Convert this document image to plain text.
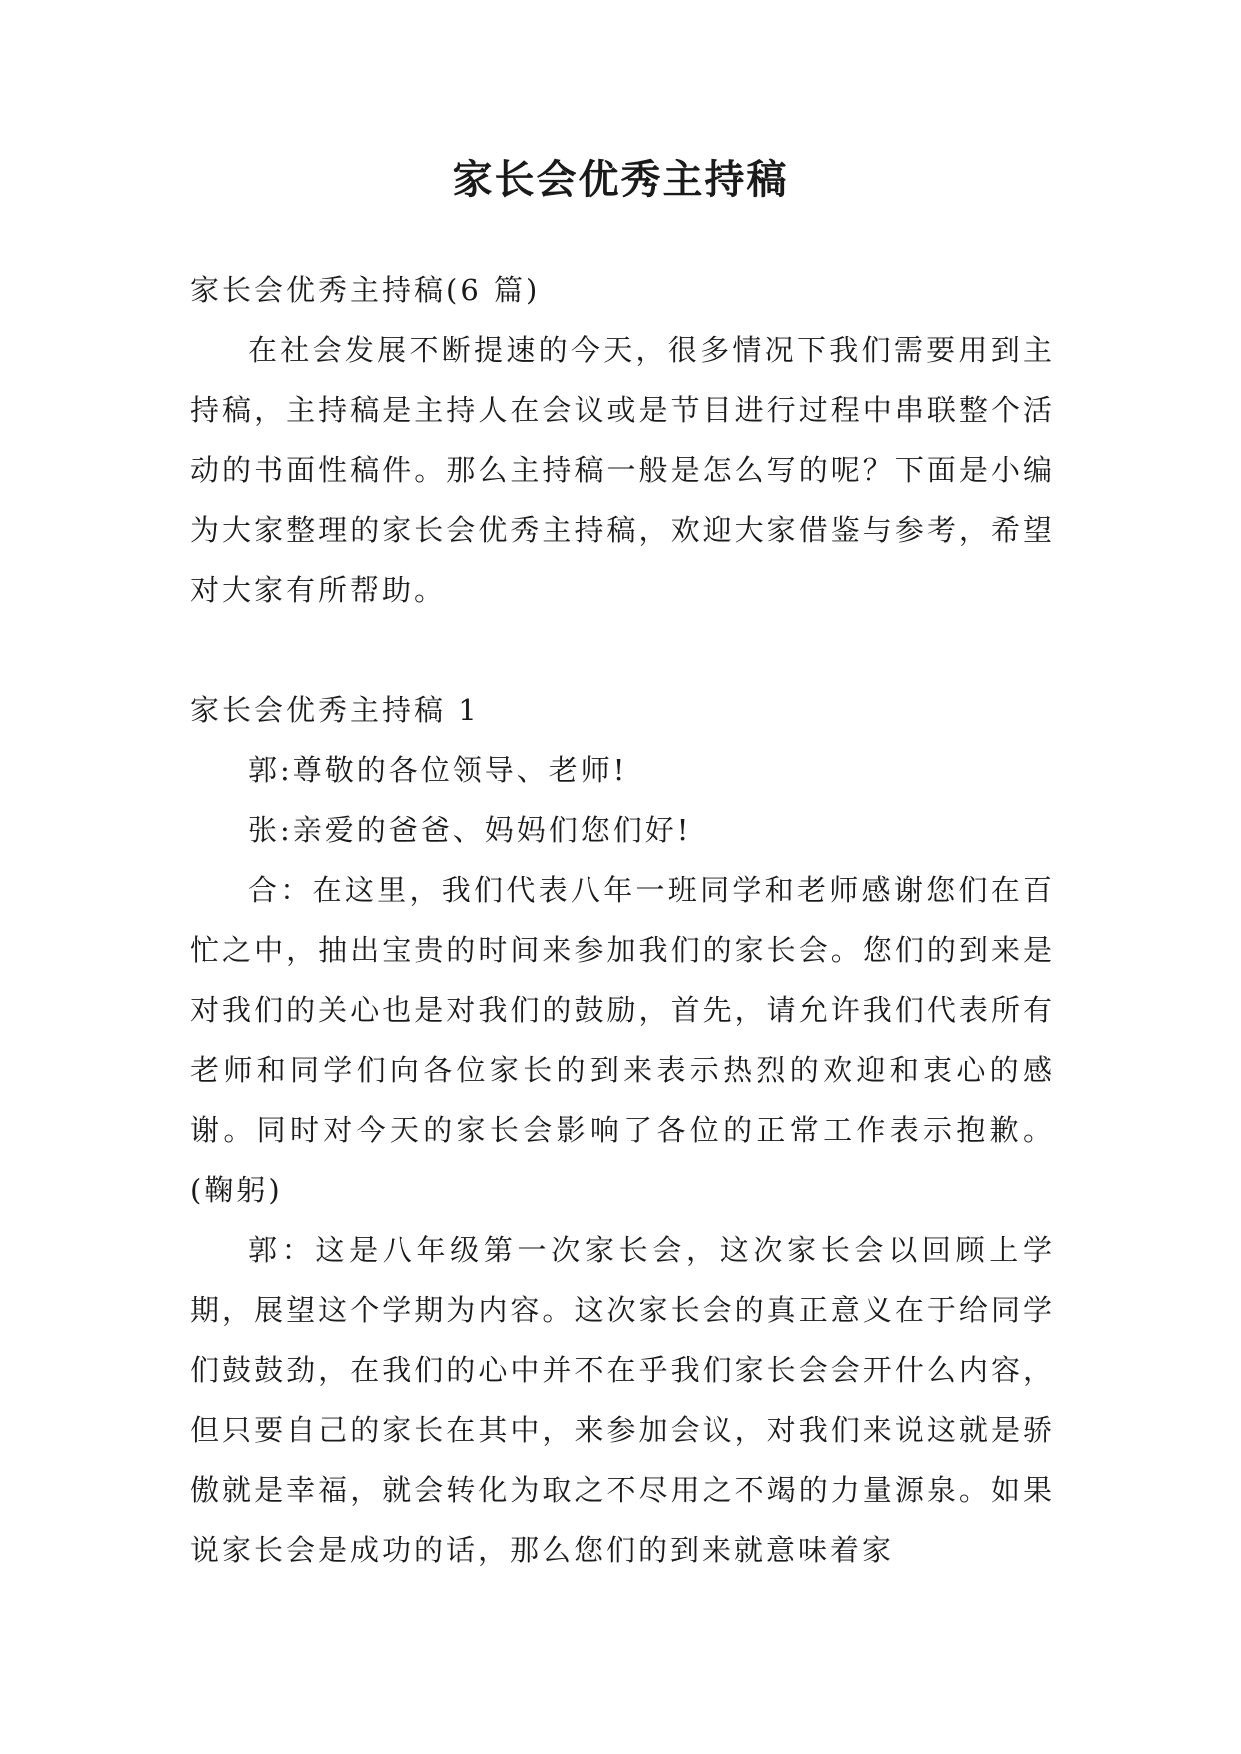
家长会优秀主持稿

家长会优秀主持稿(6 篇)

在社会发展不断提速的今天，很多情况下我们需要用到主持稿，主持稿是主持人在会议或是节目进行过程中串联整个活动的书面性稿件。那么主持稿一般是怎么写的呢？下面是小编为大家整理的家长会优秀主持稿，欢迎大家借鉴与参考，希望对大家有所帮助。

家长会优秀主持稿 1

郭:尊敬的各位领导、老师!

张:亲爱的爸爸、妈妈们您们好!

合：在这里，我们代表八年一班同学和老师感谢您们在百忙之中，抽出宝贵的时间来参加我们的家长会。您们的到来是对我们的关心也是对我们的鼓励，首先，请允许我们代表所有老师和同学们向各位家长的到来表示热烈的欢迎和衷心的感谢。同时对今天的家长会影响了各位的正常工作表示抱歉。(鞠躬)

郭：这是八年级第一次家长会，这次家长会以回顾上学期，展望这个学期为内容。这次家长会的真正意义在于给同学们鼓鼓劲，在我们的心中并不在乎我们家长会会开什么内容，但只要自己的家长在其中，来参加会议，对我们来说这就是骄傲就是幸福，就会转化为取之不尽用之不竭的力量源泉。如果说家长会是成功的话，那么您们的到来就意味着家
